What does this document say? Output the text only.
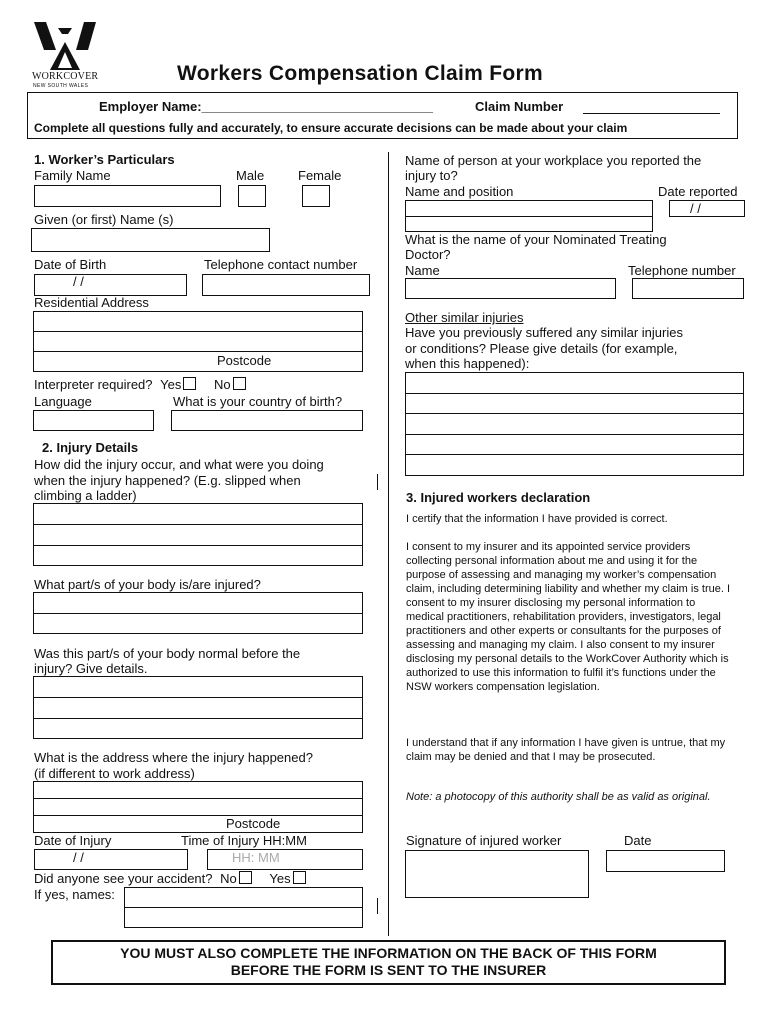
WORKCOVER
NEW SOUTH WALES
Workers Compensation Claim Form
Employer Name:________________________________	Claim Number
Complete all questions fully and accurately, to ensure accurate decisions can be made about your claim
1. Worker’s Particulars
Family Name	Male	Female
Given (or first) Name (s)
Date of Birth	Telephone contact number
/ /
Residential Address
Postcode
Interpreter required? Yes	No
Language	What is your country of birth?
2. Injury Details
How did the injury occur, and what were you doing
when the injury happened? (E.g. slipped when
climbing a ladder)
What part/s of your body is/are injured?
Was this part/s of your body normal before the
injury? Give details.
What is the address where the injury happened?
(if different to work address)
Postcode
Date of Injury	Time of Injury HH:MM
/ /	HH: MM
Did anyone see your accident? No	Yes
If yes, names:
Name of person at your workplace you reported the
injury to?
Name and position	Date reported
/ /
What is the name of your Nominated Treating
Doctor?
Name	Telephone number
Other similar injuries
Have you previously suffered any similar injuries
or conditions? Please give details (for example,
when this happened):
3. Injured workers declaration
I certify that the information I have provided is correct.
I consent to my insurer and its appointed service providers collecting personal information about me and using it for the purpose of assessing and managing my worker’s compensation claim, including determining liability and whether my claim is true. I consent to my insurer disclosing my personal information to medical practitioners, rehabilitation providers, investigators, legal practitioners and other experts or consultants for the purposes of assessing and managing my claim. I also consent to my insurer disclosing my personal details to the WorkCover Authority which is authorized to use this information to fulfil it’s functions under the NSW workers compensation legislation.
I understand that if any information I have given is untrue, that my claim may be denied and that I may be prosecuted.
Note: a photocopy of this authority shall be as valid as original.
Signature of injured worker	Date
YOU MUST ALSO COMPLETE THE INFORMATION ON THE BACK OF THIS FORM
BEFORE THE FORM IS SENT TO THE INSURER
